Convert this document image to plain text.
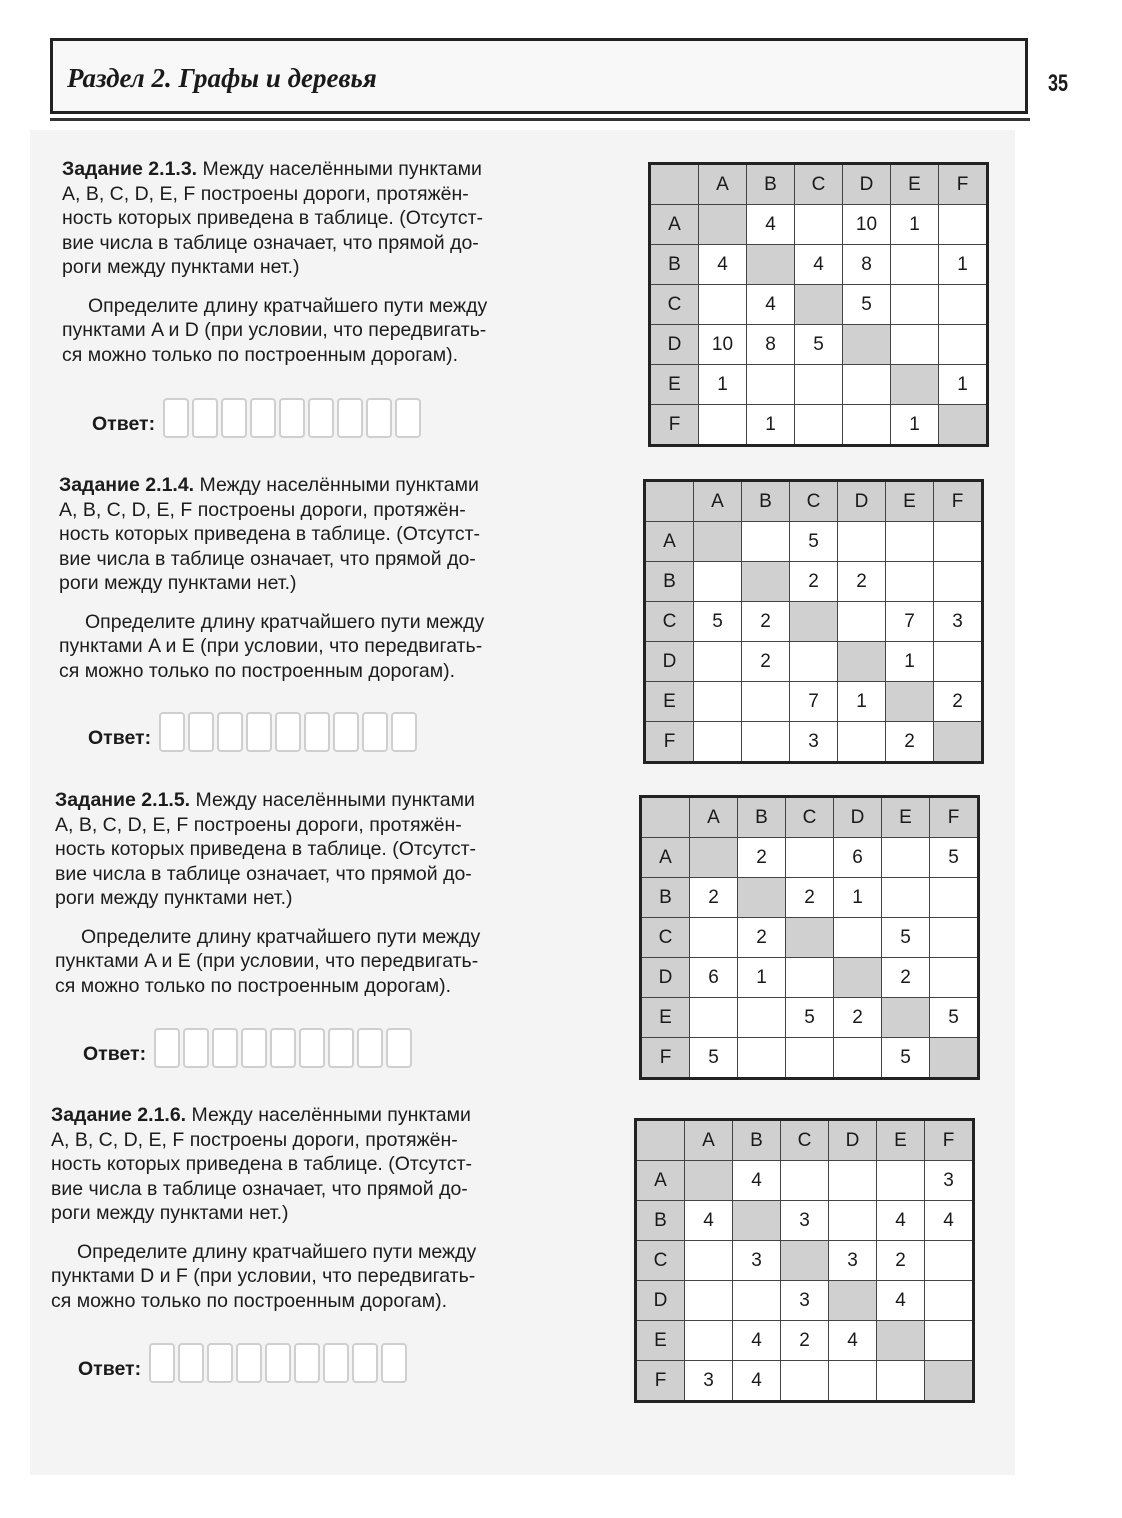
Раздел 2. Графы и деревья	35

Задание 2.1.3. Между населёнными пунктами
A, B, C, D, E, F построены дороги, протяжён-
ность которых приведена в таблице. (Отсутст-
вие числа в таблице означает, что прямой до-
роги между пунктами нет.)

Определите длину кратчайшего пути между
пунктами A и D (при условии, что передвигать-
ся можно только по построенным дорогам).

Ответ:
	A	B	C	D	E	F
A		4		10	1	
B	4		4	8		1
C		4		5		
D	10	8	5			
E	1					1
F		1			1	

Задание 2.1.4. Между населёнными пунктами
A, B, C, D, E, F построены дороги, протяжён-
ность которых приведена в таблице. (Отсутст-
вие числа в таблице означает, что прямой до-
роги между пунктами нет.)

Определите длину кратчайшего пути между
пунктами A и E (при условии, что передвигать-
ся можно только по построенным дорогам).

Ответ:
	A	B	C	D	E	F
A			5			
B			2	2		
C	5	2			7	3
D		2			1	
E			7	1		2
F			3		2	

Задание 2.1.5. Между населёнными пунктами
A, B, C, D, E, F построены дороги, протяжён-
ность которых приведена в таблице. (Отсутст-
вие числа в таблице означает, что прямой до-
роги между пунктами нет.)

Определите длину кратчайшего пути между
пунктами A и E (при условии, что передвигать-
ся можно только по построенным дорогам).

Ответ:
	A	B	C	D	E	F
A		2		6		5
B	2		2	1		
C		2			5	
D	6	1			2	
E			5	2		5
F	5				5	

Задание 2.1.6. Между населёнными пунктами
A, B, C, D, E, F построены дороги, протяжён-
ность которых приведена в таблице. (Отсутст-
вие числа в таблице означает, что прямой до-
роги между пунктами нет.)

Определите длину кратчайшего пути между
пунктами D и F (при условии, что передвигать-
ся можно только по построенным дорогам).

Ответ:
	A	B	C	D	E	F
A		4				3
B	4		3		4	4
C		3		3	2	
D			3		4	
E		4	2	4		
F	3	4				
